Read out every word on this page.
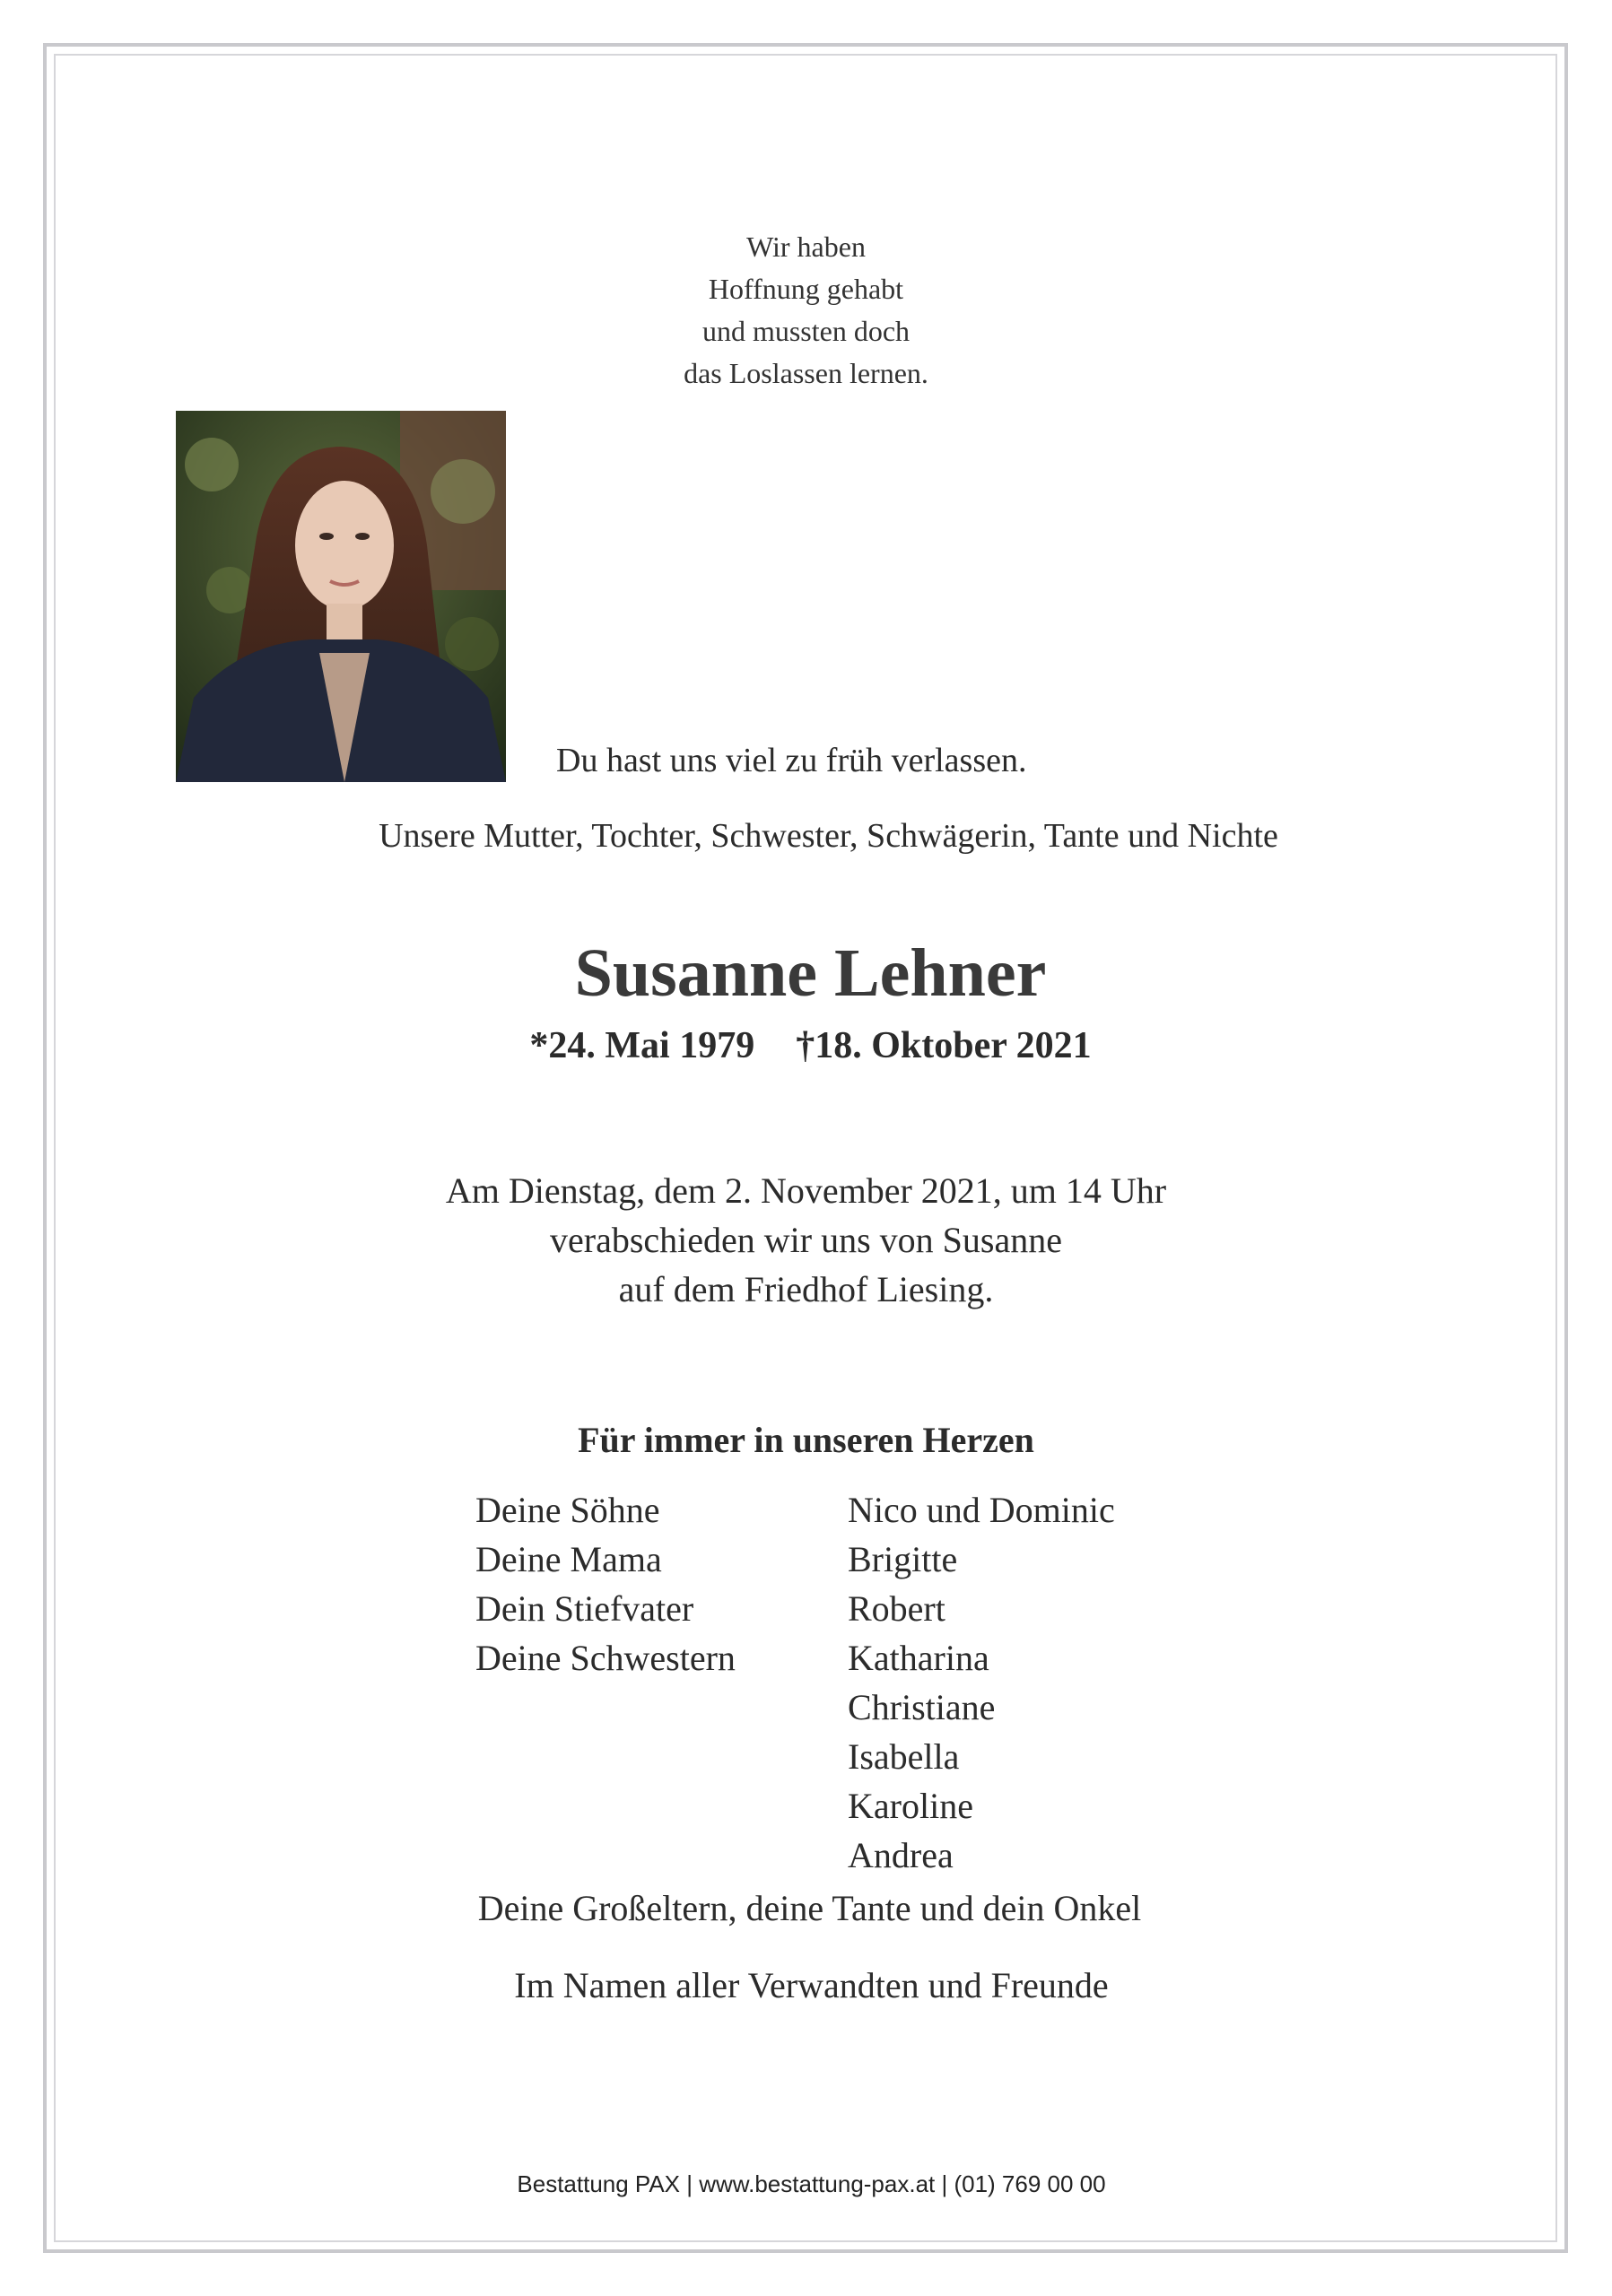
Wir haben
Hoffnung gehabt
und mussten doch
das Loslassen lernen.
Du hast uns viel zu früh verlassen.
Unsere Mutter, Tochter, Schwester, Schwägerin, Tante und Nichte
Susanne Lehner
*24. Mai 1979 †18. Oktober 2021
Am Dienstag, dem 2. November 2021, um 14 Uhr
verabschieden wir uns von Susanne
auf dem Friedhof Liesing.
Für immer in unseren Herzen
Deine Söhne	Nico und Dominic
Deine Mama	Brigitte
Dein Stiefvater	Robert
Deine Schwestern	Katharina
Christiane
Isabella
Karoline
Andrea
Deine Großeltern, deine Tante und dein Onkel
Im Namen aller Verwandten und Freunde
Bestattung PAX | www.bestattung-pax.at | (01) 769 00 00
